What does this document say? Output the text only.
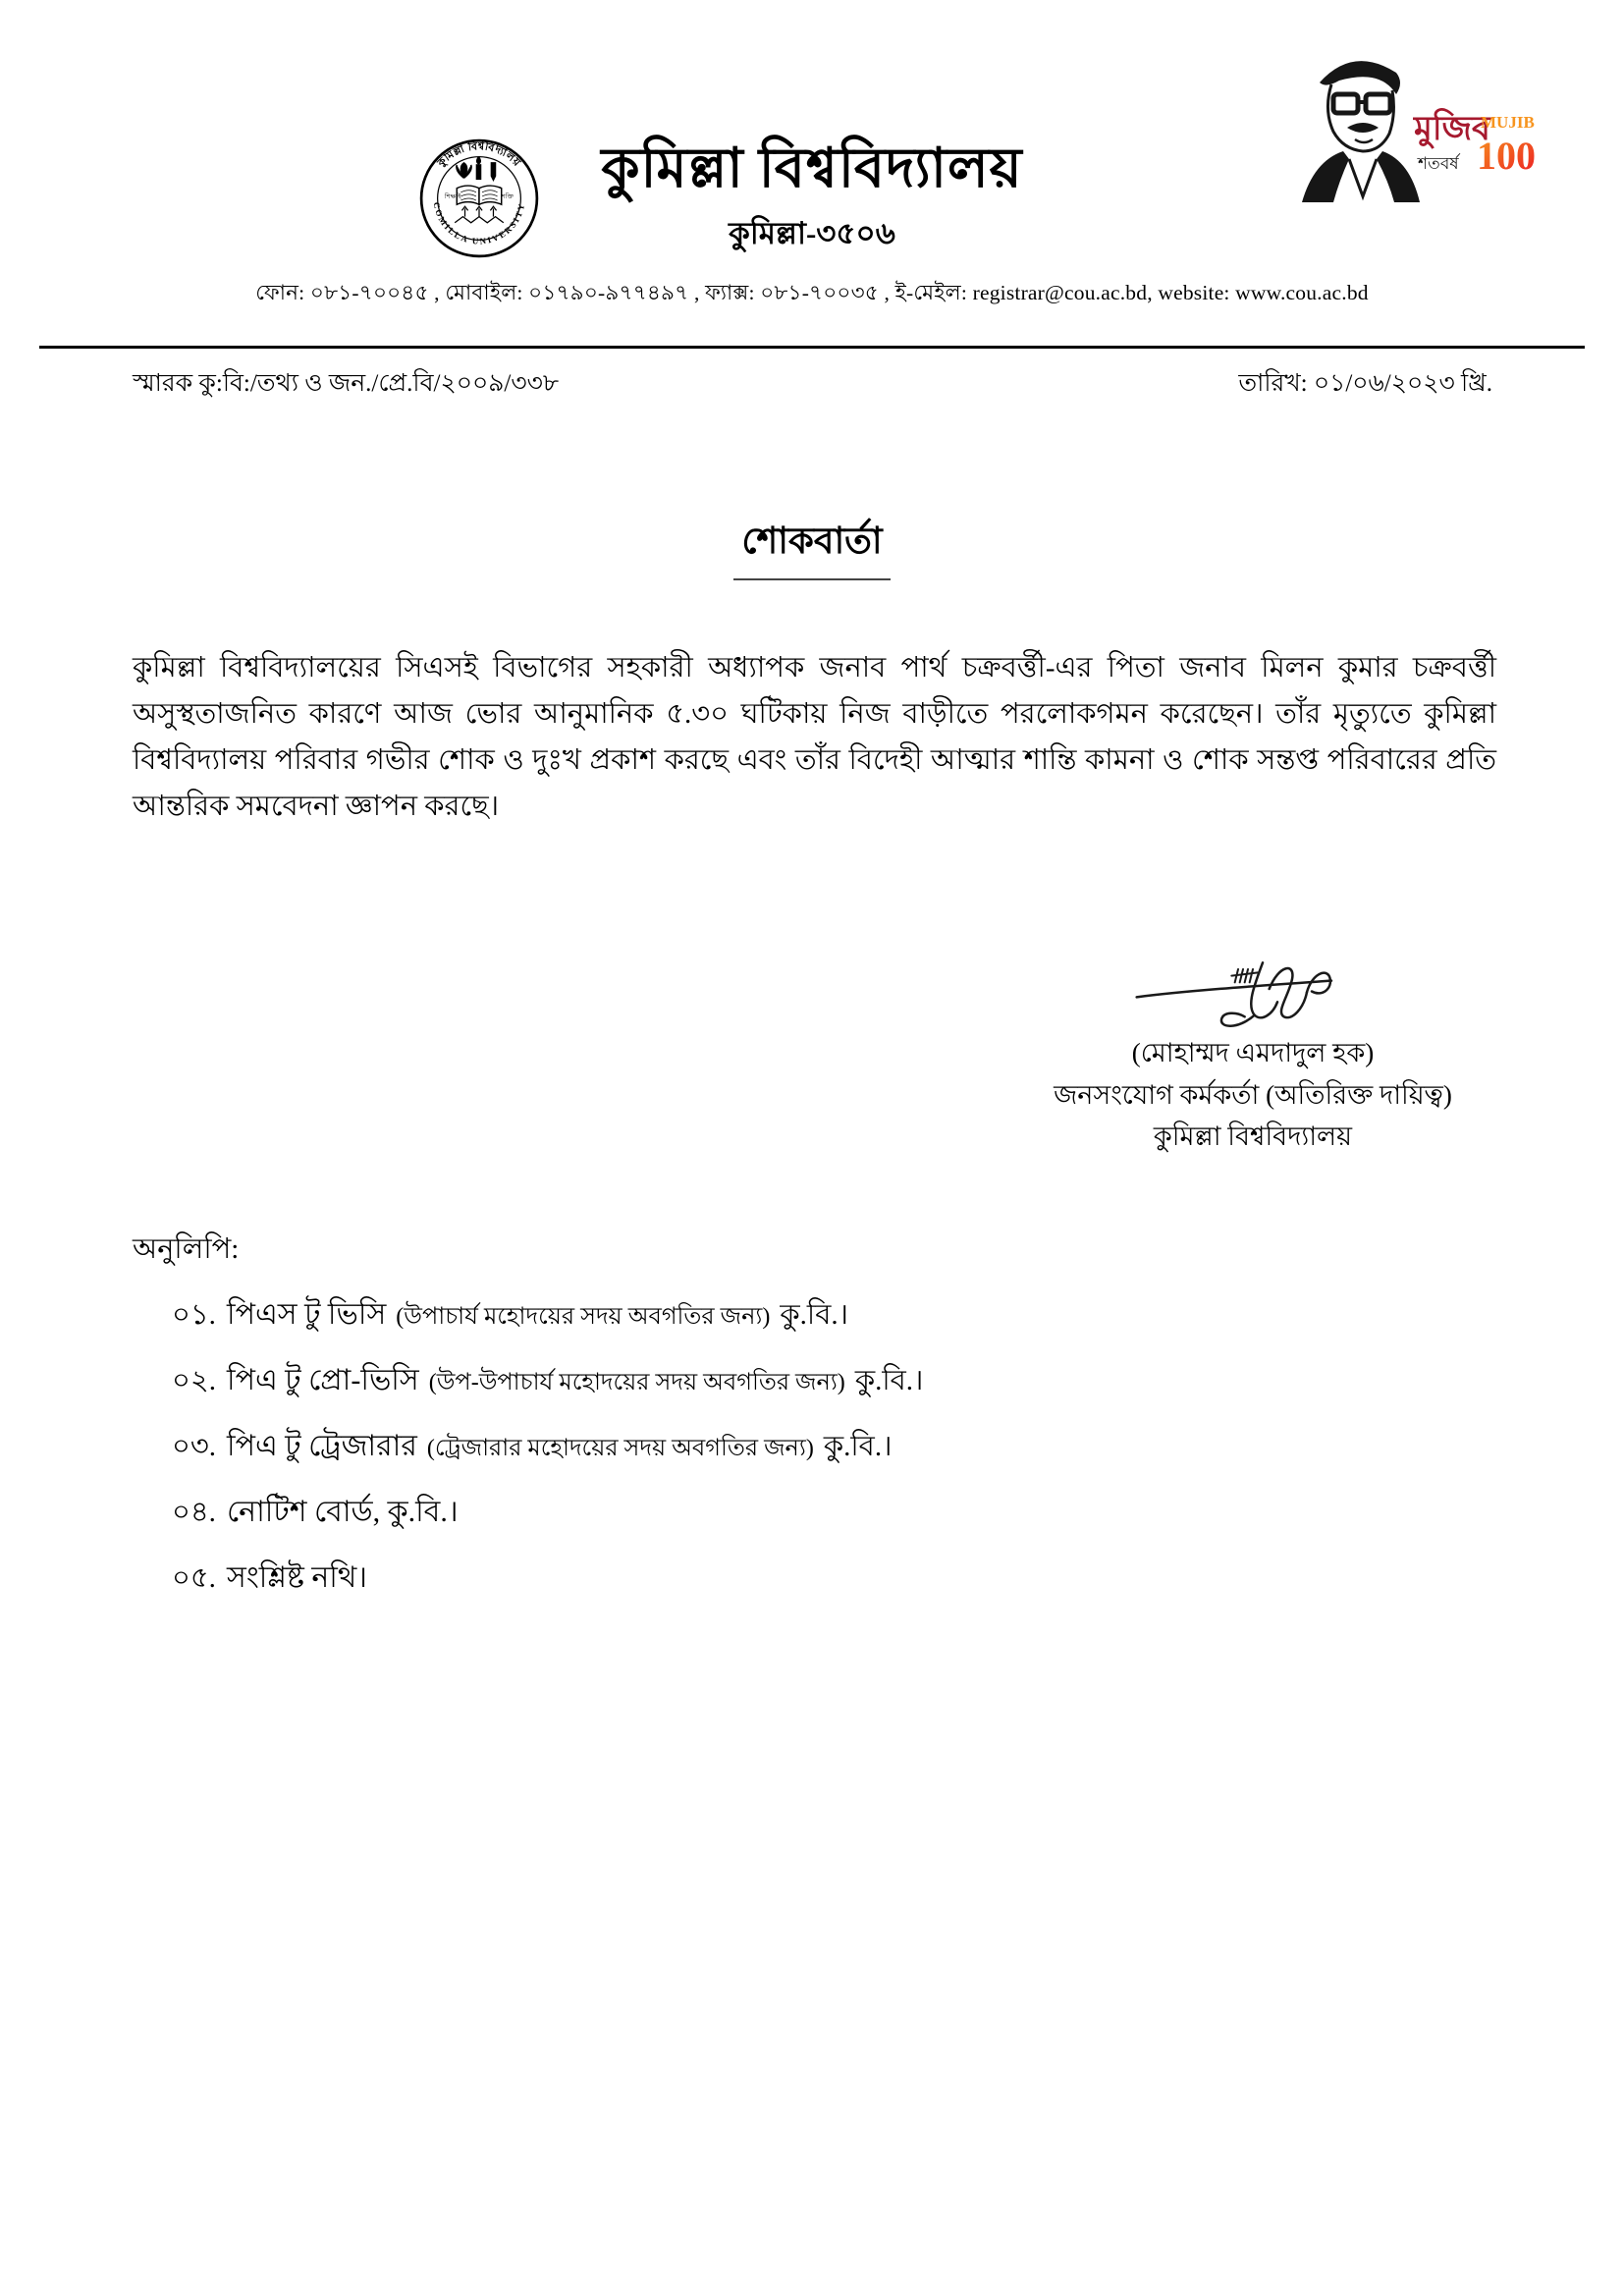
কুমিল্লা বিশ্ববিদ্যালয়
COMILLA UNIVERSITY
শিক্ষাই	শক্তি
মুজিব
শতবর্ষ
MUJIB
100
কুমিল্লা বিশ্ববিদ্যালয়
কুমিল্লা-৩৫০৬
ফোন: ০৮১-৭০০৪৫ , মোবাইল: ০১৭৯০-৯৭৭৪৯৭ , ফ্যাক্স: ০৮১-৭০০৩৫ , ই-মেইল: registrar@cou.ac.bd, website: www.cou.ac.bd
স্মারক কু:বি:/তথ্য ও জন./প্রে.বি/২০০৯/৩৩৮	তারিখ: ০১/০৬/২০২৩ খ্রি.
শোকবার্তা
কুমিল্লা বিশ্ববিদ্যালয়ের সিএসই বিভাগের সহকারী অধ্যাপক জনাব পার্থ চক্রবর্ত্তী-এর পিতা জনাব মিলন কুমার চক্রবর্ত্তী অসুস্থতাজনিত কারণে আজ ভোর আনুমানিক ৫.৩০ ঘটিকায় নিজ বাড়ীতে পরলোকগমন করেছেন। তাঁর মৃত্যুতে কুমিল্লা বিশ্ববিদ্যালয় পরিবার গভীর শোক ও দুঃখ প্রকাশ করছে এবং তাঁর বিদেহী আত্মার শান্তি কামনা ও শোক সন্তপ্ত পরিবারের প্রতি আন্তরিক সমবেদনা জ্ঞাপন করছে।
(মোহাম্মদ এমদাদুল হক)
জনসংযোগ কর্মকর্তা (অতিরিক্ত দায়িত্ব)
কুমিল্লা বিশ্ববিদ্যালয়
অনুলিপি:
০১. পিএস টু ভিসি (উপাচার্য মহোদয়ের সদয় অবগতির জন্য) কু.বি.।
০২. পিএ টু প্রো-ভিসি (উপ-উপাচার্য মহোদয়ের সদয় অবগতির জন্য) কু.বি.।
০৩. পিএ টু ট্রেজারার (ট্রেজারার মহোদয়ের সদয় অবগতির জন্য) কু.বি.।
০৪. নোটিশ বোর্ড, কু.বি.।
০৫. সংশ্লিষ্ট নথি।
